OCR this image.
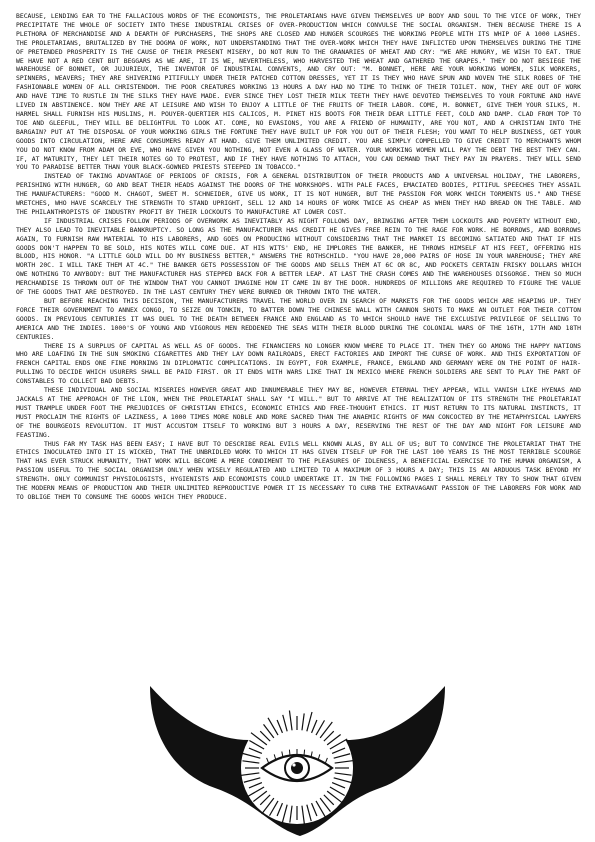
BECAUSE, LENDING EAR TO THE FALLACIOUS WORDS OF THE ECONOMISTS, THE PROLETARIANS HAVE GIVEN THEMSELVES UP BODY AND SOUL TO THE VICE OF WORK, THEY PRECIPITATE THE WHOLE OF SOCIETY INTO THESE INDUSTRIAL CRISES OF OVER-PRODUCTION WHICH CONVULSE THE SOCIAL ORGANISM. THEN BECAUSE THERE IS A PLETHORA OF MERCHANDISE AND A DEARTH OF PURCHASERS, THE SHOPS ARE CLOSED AND HUNGER SCOURGES THE WORKING PEOPLE WITH ITS WHIP OF A 1000 LASHES. THE PROLETARIANS, BRUTALIZED BY THE DOGMA OF WORK, NOT UNDERSTANDING THAT THE OVER-WORK WHICH THEY HAVE INFLICTED UPON THEMSELVES DURING THE TIME OF PRETENDED PROSPERITY IS THE CAUSE OF THEIR PRESENT MISERY, DO NOT RUN TO THE GRANARIES OF WHEAT AND CRY: "WE ARE HUNGRY, WE WISH TO EAT. TRUE WE HAVE NOT A RED CENT BUT BEGGARS AS WE ARE, IT IS WE, NEVERTHELESS, WHO HARVESTED THE WHEAT AND GATHERED THE GRAPES." THEY DO NOT BESIEGE THE WAREHOUSE OF BONNET, OR JUJURIEUX, THE INVENTOR OF INDUSTRIAL CONVENTS, AND CRY OUT: "M. BONNET, HERE ARE YOUR WORKING WOMEN, SILK WORKERS, SPINNERS, WEAVERS; THEY ARE SHIVERING PITIFULLY UNDER THEIR PATCHED COTTON DRESSES, YET IT IS THEY WHO HAVE SPUN AND WOVEN THE SILK ROBES OF THE FASHIONABLE WOMEN OF ALL CHRISTENDOM. THE POOR CREATURES WORKING 13 HOURS A DAY HAD NO TIME TO THINK OF THEIR TOILET. NOW, THEY ARE OUT OF WORK AND HAVE TIME TO RUSTLE IN THE SILKS THEY HAVE MADE. EVER SINCE THEY LOST THEIR MILK TEETH THEY HAVE DEVOTED THEMSELVES TO YOUR FORTUNE AND HAVE LIVED IN ABSTINENCE. NOW THEY ARE AT LEISURE AND WISH TO ENJOY A LITTLE OF THE FRUITS OF THEIR LABOR. COME, M. BONNET, GIVE THEM YOUR SILKS, M. HARMEL SHALL FURNISH HIS MUSLINS, M. POUYER-QUERTIER HIS CALICOS, M. PINET HIS BOOTS FOR THEIR DEAR LITTLE FEET, COLD AND DAMP. CLAD FROM TOP TO TOE AND GLEEFUL, THEY WILL BE DELIGHTFUL TO LOOK AT. COME, NO EVASIONS, YOU ARE A FRIEND OF HUMANITY, ARE YOU NOT, AND A CHRISTIAN INTO THE BARGAIN? PUT AT THE DISPOSAL OF YOUR WORKING GIRLS THE FORTUNE THEY HAVE BUILT UP FOR YOU OUT OF THEIR FLESH; YOU WANT TO HELP BUSINESS, GET YOUR GOODS INTO CIRCULATION, HERE ARE CONSUMERS READY AT HAND. GIVE THEM UNLIMITED CREDIT. YOU ARE SIMPLY COMPELLED TO GIVE CREDIT TO MERCHANTS WHOM YOU DO NOT KNOW FROM ADAM OR EVE, WHO HAVE GIVEN YOU NOTHING, NOT EVEN A GLASS OF WATER. YOUR WORKING WOMEN WILL PAY THE DEBT THE BEST THEY CAN. IF, AT MATURITY, THEY LET THEIR NOTES GO TO PROTEST, AND IF THEY HAVE NOTHING TO ATTACH, YOU CAN DEMAND THAT THEY PAY IN PRAYERS. THEY WILL SEND YOU TO PARADISE BETTER THAN YOUR BLACK-GOWNED PRIESTS STEEPED IN TOBACCO."

INSTEAD OF TAKING ADVANTAGE OF PERIODS OF CRISIS, FOR A GENERAL DISTRIBUTION OF THEIR PRODUCTS AND A UNIVERSAL HOLIDAY, THE LABORERS, PERISHING WITH HUNGER, GO AND BEAT THEIR HEADS AGAINST THE DOORS OF THE WORKSHOPS. WITH PALE FACES, EMACIATED BODIES, PITIFUL SPEECHES THEY ASSAIL THE MANUFACTURERS: "GOOD M. CHAGOT, SWEET M. SCHNEIDER, GIVE US WORK, IT IS NOT HUNGER, BUT THE PASSION FOR WORK WHICH TORMENTS US." AND THESE WRETCHES, WHO HAVE SCARCELY THE STRENGTH TO STAND UPRIGHT, SELL 12 AND 14 HOURS OF WORK TWICE AS CHEAP AS WHEN THEY HAD BREAD ON THE TABLE. AND THE PHILANTHROPISTS OF INDUSTRY PROFIT BY THEIR LOCKOUTS TO MANUFACTURE AT LOWER COST.

IF INDUSTRIAL CRISES FOLLOW PERIODS OF OVERWORK AS INEVITABLY AS NIGHT FOLLOWS DAY, BRINGING AFTER THEM LOCKOUTS AND POVERTY WITHOUT END, THEY ALSO LEAD TO INEVITABLE BANKRUPTCY. SO LONG AS THE MANUFACTURER HAS CREDIT HE GIVES FREE REIN TO THE RAGE FOR WORK. HE BORROWS, AND BORROWS AGAIN, TO FURNISH RAW MATERIAL TO HIS LABORERS, AND GOES ON PRODUCING WITHOUT CONSIDERING THAT THE MARKET IS BECOMING SATIATED AND THAT IF HIS GOODS DON'T HAPPEN TO BE SOLD, HIS NOTES WILL COME DUE. AT HIS WITS' END, HE IMPLORES THE BANKER, HE THROWS HIMSELF AT HIS FEET, OFFERING HIS BLOOD, HIS HONOR. "A LITTLE GOLD WILL DO MY BUSINESS BETTER," ANSWERS THE ROTHSCHILD. "YOU HAVE 20,000 PAIRS OF HOSE IN YOUR WAREHOUSE; THEY ARE WORTH 20C. I WILL TAKE THEM AT 4C." THE BANKER GETS POSSESSION OF THE GOODS AND SELLS THEM AT 6C OR 8C, AND POCKETS CERTAIN FRISKY DOLLARS WHICH OWE NOTHING TO ANYBODY: BUT THE MANUFACTURER HAS STEPPED BACK FOR A BETTER LEAP. AT LAST THE CRASH COMES AND THE WAREHOUSES DISGORGE. THEN SO MUCH MERCHANDISE IS THROWN OUT OF THE WINDOW THAT YOU CANNOT IMAGINE HOW IT CAME IN BY THE DOOR. HUNDREDS OF MILLIONS ARE REQUIRED TO FIGURE THE VALUE OF THE GOODS THAT ARE DESTROYED. IN THE LAST CENTURY THEY WERE BURNED OR THROWN INTO THE WATER.

BUT BEFORE REACHING THIS DECISION, THE MANUFACTURERS TRAVEL THE WORLD OVER IN SEARCH OF MARKETS FOR THE GOODS WHICH ARE HEAPING UP. THEY FORCE THEIR GOVERNMENT TO ANNEX CONGO, TO SEIZE ON TONKIN, TO BATTER DOWN THE CHINESE WALL WITH CANNON SHOTS TO MAKE AN OUTLET FOR THEIR COTTON GOODS. IN PREVIOUS CENTURIES IT WAS DUEL TO THE DEATH BETWEEN FRANCE AND ENGLAND AS TO WHICH SHOULD HAVE THE EXCLUSIVE PRIVILEGE OF SELLING TO AMERICA AND THE INDIES. 1000'S OF YOUNG AND VIGOROUS MEN REDDENED THE SEAS WITH THEIR BLOOD DURING THE COLONIAL WARS OF THE 16TH, 17TH AND 18TH CENTURIES.

THERE IS A SURPLUS OF CAPITAL AS WELL AS OF GOODS. THE FINANCIERS NO LONGER KNOW WHERE TO PLACE IT. THEN THEY GO AMONG THE HAPPY NATIONS WHO ARE LOAFING IN THE SUN SMOKING CIGARETTES AND THEY LAY DOWN RAILROADS, ERECT FACTORIES AND IMPORT THE CURSE OF WORK. AND THIS EXPORTATION OF FRENCH CAPITAL ENDS ONE FINE MORNING IN DIPLOMATIC COMPLICATIONS. IN EGYPT, FOR EXAMPLE, FRANCE, ENGLAND AND GERMANY WERE ON THE POINT OF HAIR-PULLING TO DECIDE WHICH USURERS SHALL BE PAID FIRST. OR IT ENDS WITH WARS LIKE THAT IN MEXICO WHERE FRENCH SOLDIERS ARE SENT TO PLAY THE PART OF CONSTABLES TO COLLECT BAD DEBTS.

THESE INDIVIDUAL AND SOCIAL MISERIES HOWEVER GREAT AND INNUMERABLE THEY MAY BE, HOWEVER ETERNAL THEY APPEAR, WILL VANISH LIKE HYENAS AND JACKALS AT THE APPROACH OF THE LION, WHEN THE PROLETARIAT SHALL SAY "I WILL." BUT TO ARRIVE AT THE REALIZATION OF ITS STRENGTH THE PROLETARIAT MUST TRAMPLE UNDER FOOT THE PREJUDICES OF CHRISTIAN ETHICS, ECONOMIC ETHICS AND FREE-THOUGHT ETHICS. IT MUST RETURN TO ITS NATURAL INSTINCTS, IT MUST PROCLAIM THE RIGHTS OF LAZINESS, A 1000 TIMES MORE NOBLE AND MORE SACRED THAN THE ANAEMIC RIGHTS OF MAN CONCOCTED BY THE METAPHYSICAL LAWYERS OF THE BOURGEOIS REVOLUTION. IT MUST ACCUSTOM ITSELF TO WORKING BUT 3 HOURS A DAY, RESERVING THE REST OF THE DAY AND NIGHT FOR LEISURE AND FEASTING.

THUS FAR MY TASK HAS BEEN EASY; I HAVE BUT TO DESCRIBE REAL EVILS WELL KNOWN ALAS, BY ALL OF US; BUT TO CONVINCE THE PROLETARIAT THAT THE ETHICS INOCULATED INTO IT IS WICKED, THAT THE UNBRIDLED WORK TO WHICH IT HAS GIVEN ITSELF UP FOR THE LAST 100 YEARS IS THE MOST TERRIBLE SCOURGE THAT HAS EVER STRUCK HUMANITY, THAT WORK WILL BECOME A MERE CONDIMENT TO THE PLEASURES OF IDLENESS, A BENEFICIAL EXERCISE TO THE HUMAN ORGANISM, A PASSION USEFUL TO THE SOCIAL ORGANISM ONLY WHEN WISELY REGULATED AND LIMITED TO A MAXIMUM OF 3 HOURS A DAY; THIS IS AN ARDUOUS TASK BEYOND MY STRENGTH. ONLY COMMUNIST PHYSIOLOGISTS, HYGIENISTS AND ECONOMISTS COULD UNDERTAKE IT. IN THE FOLLOWING PAGES I SHALL MERELY TRY TO SHOW THAT GIVEN THE MODERN MEANS OF PRODUCTION AND THEIR UNLIMITED REPRODUCTIVE POWER IT IS NECESSARY TO CURB THE EXTRAVAGANT PASSION OF THE LABORERS FOR WORK AND TO OBLIGE THEM TO CONSUME THE GOODS WHICH THEY PRODUCE.
